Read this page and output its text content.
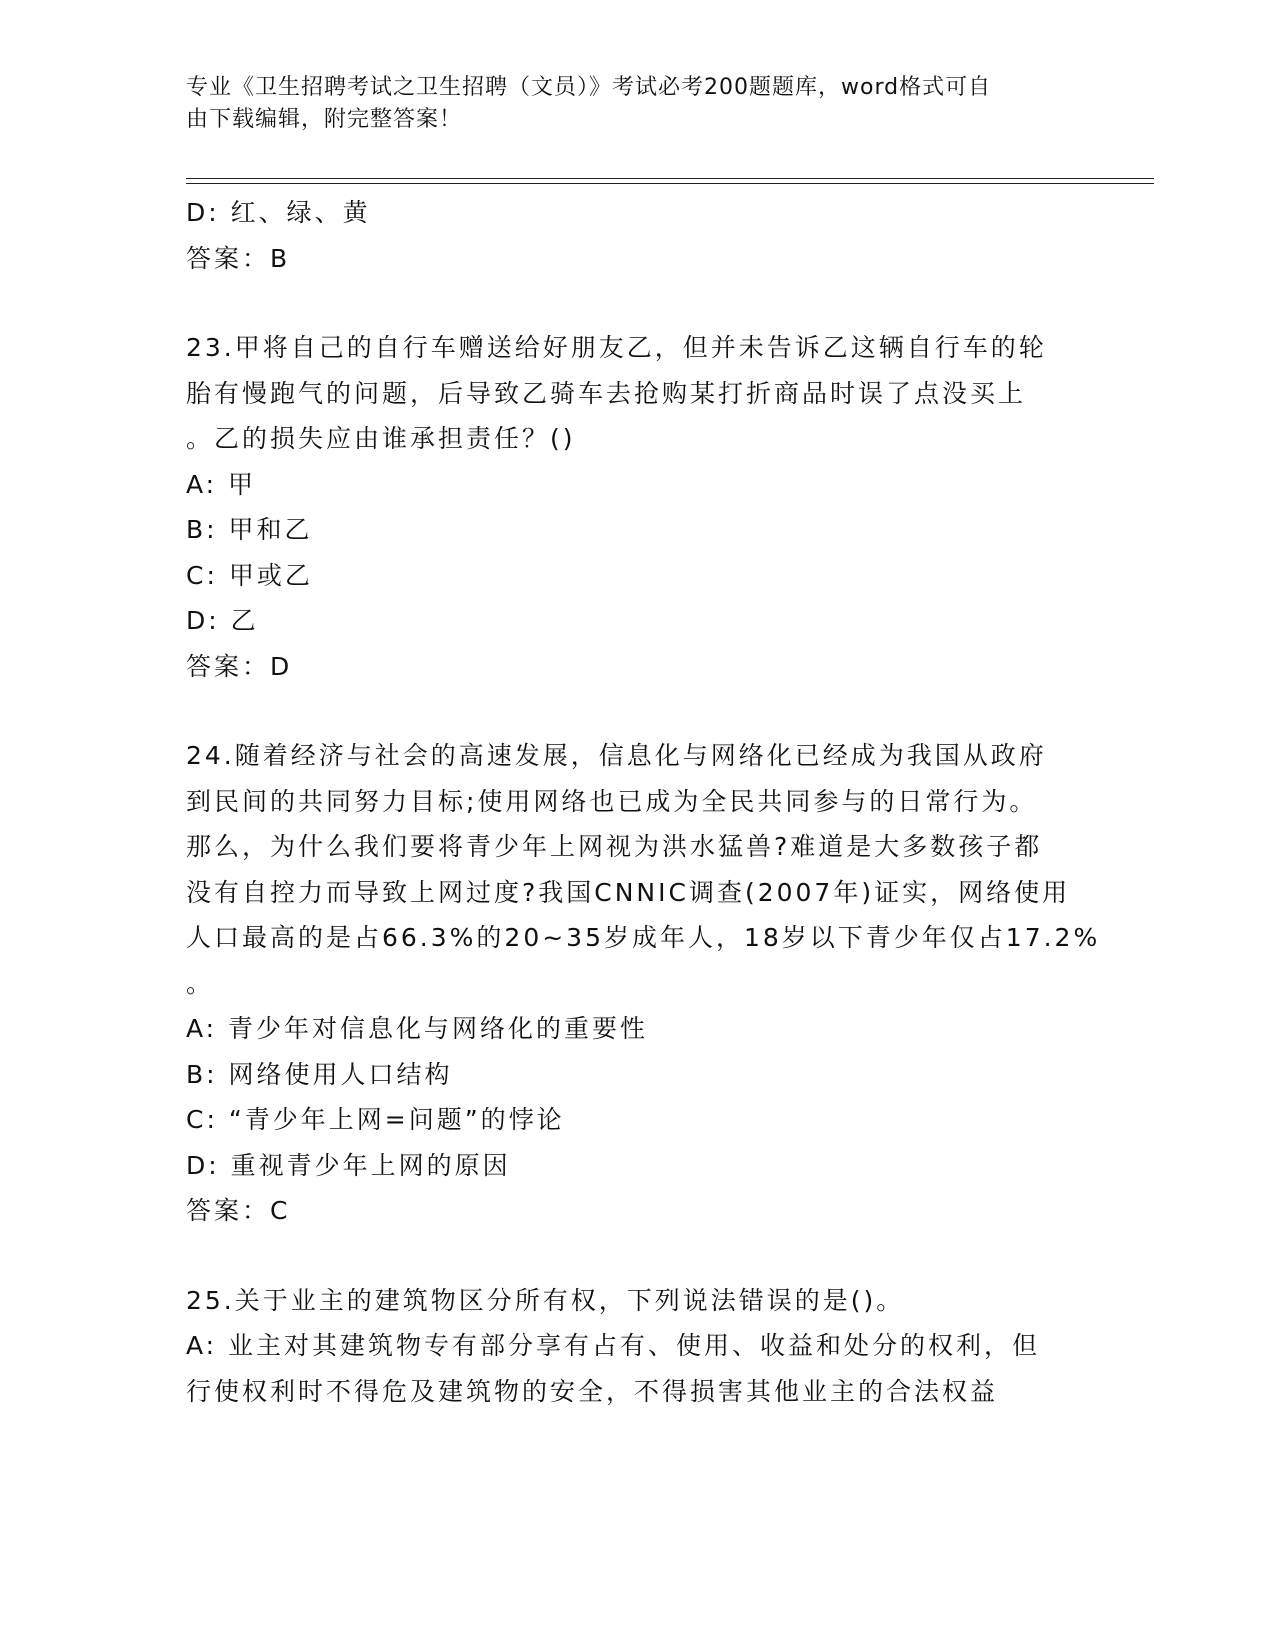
专业《卫生招聘考试之卫生招聘（文员）》考试必考200题题库，word格式可自
由下载编辑，附完整答案！
D: 红、绿、黄
答案：B
23.甲将自己的自行车赠送给好朋友乙，但并未告诉乙这辆自行车的轮
胎有慢跑气的问题，后导致乙骑车去抢购某打折商品时误了点没买上
。乙的损失应由谁承担责任？()
A: 甲
B: 甲和乙
C: 甲或乙
D: 乙
答案：D
24.随着经济与社会的高速发展，信息化与网络化已经成为我国从政府
到民间的共同努力目标;使用网络也已成为全民共同参与的日常行为。
那么，为什么我们要将青少年上网视为洪水猛兽?难道是大多数孩子都
没有自控力而导致上网过度?我国CNNIC调查(2007年)证实，网络使用
人口最高的是占66.3%的20~35岁成年人，18岁以下青少年仅占17.2%
。
A: 青少年对信息化与网络化的重要性
B: 网络使用人口结构
C: “青少年上网=问题”的悖论
D: 重视青少年上网的原因
答案：C
25.关于业主的建筑物区分所有权，下列说法错误的是()。
A: 业主对其建筑物专有部分享有占有、使用、收益和处分的权利，但
行使权利时不得危及建筑物的安全，不得损害其他业主的合法权益
